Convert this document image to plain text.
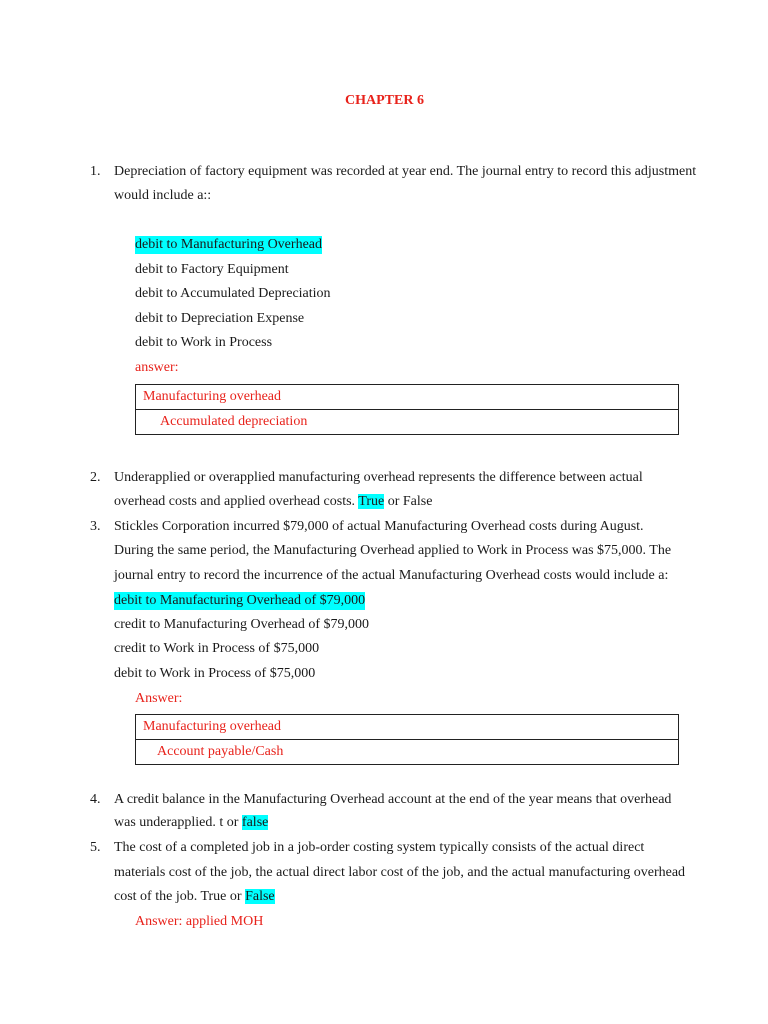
CHAPTER 6
1. Depreciation of factory equipment was recorded at year end. The journal entry to record this adjustment
would include a::
debit to Manufacturing Overhead
debit to Factory Equipment
debit to Accumulated Depreciation
debit to Depreciation Expense
debit to Work in Process
answer:
Manufacturing overhead
Accumulated depreciation
2. Underapplied or overapplied manufacturing overhead represents the difference between actual
overhead costs and applied overhead costs. True or False
3. Stickles Corporation incurred $79,000 of actual Manufacturing Overhead costs during August.
During the same period, the Manufacturing Overhead applied to Work in Process was $75,000. The
journal entry to record the incurrence of the actual Manufacturing Overhead costs would include a:
debit to Manufacturing Overhead of $79,000
credit to Manufacturing Overhead of $79,000
credit to Work in Process of $75,000
debit to Work in Process of $75,000
Answer:
Manufacturing overhead
Account payable/Cash
4. A credit balance in the Manufacturing Overhead account at the end of the year means that overhead
was underapplied. t or false
5. The cost of a completed job in a job-order costing system typically consists of the actual direct
materials cost of the job, the actual direct labor cost of the job, and the actual manufacturing overhead
cost of the job. True or False
Answer: applied MOH
